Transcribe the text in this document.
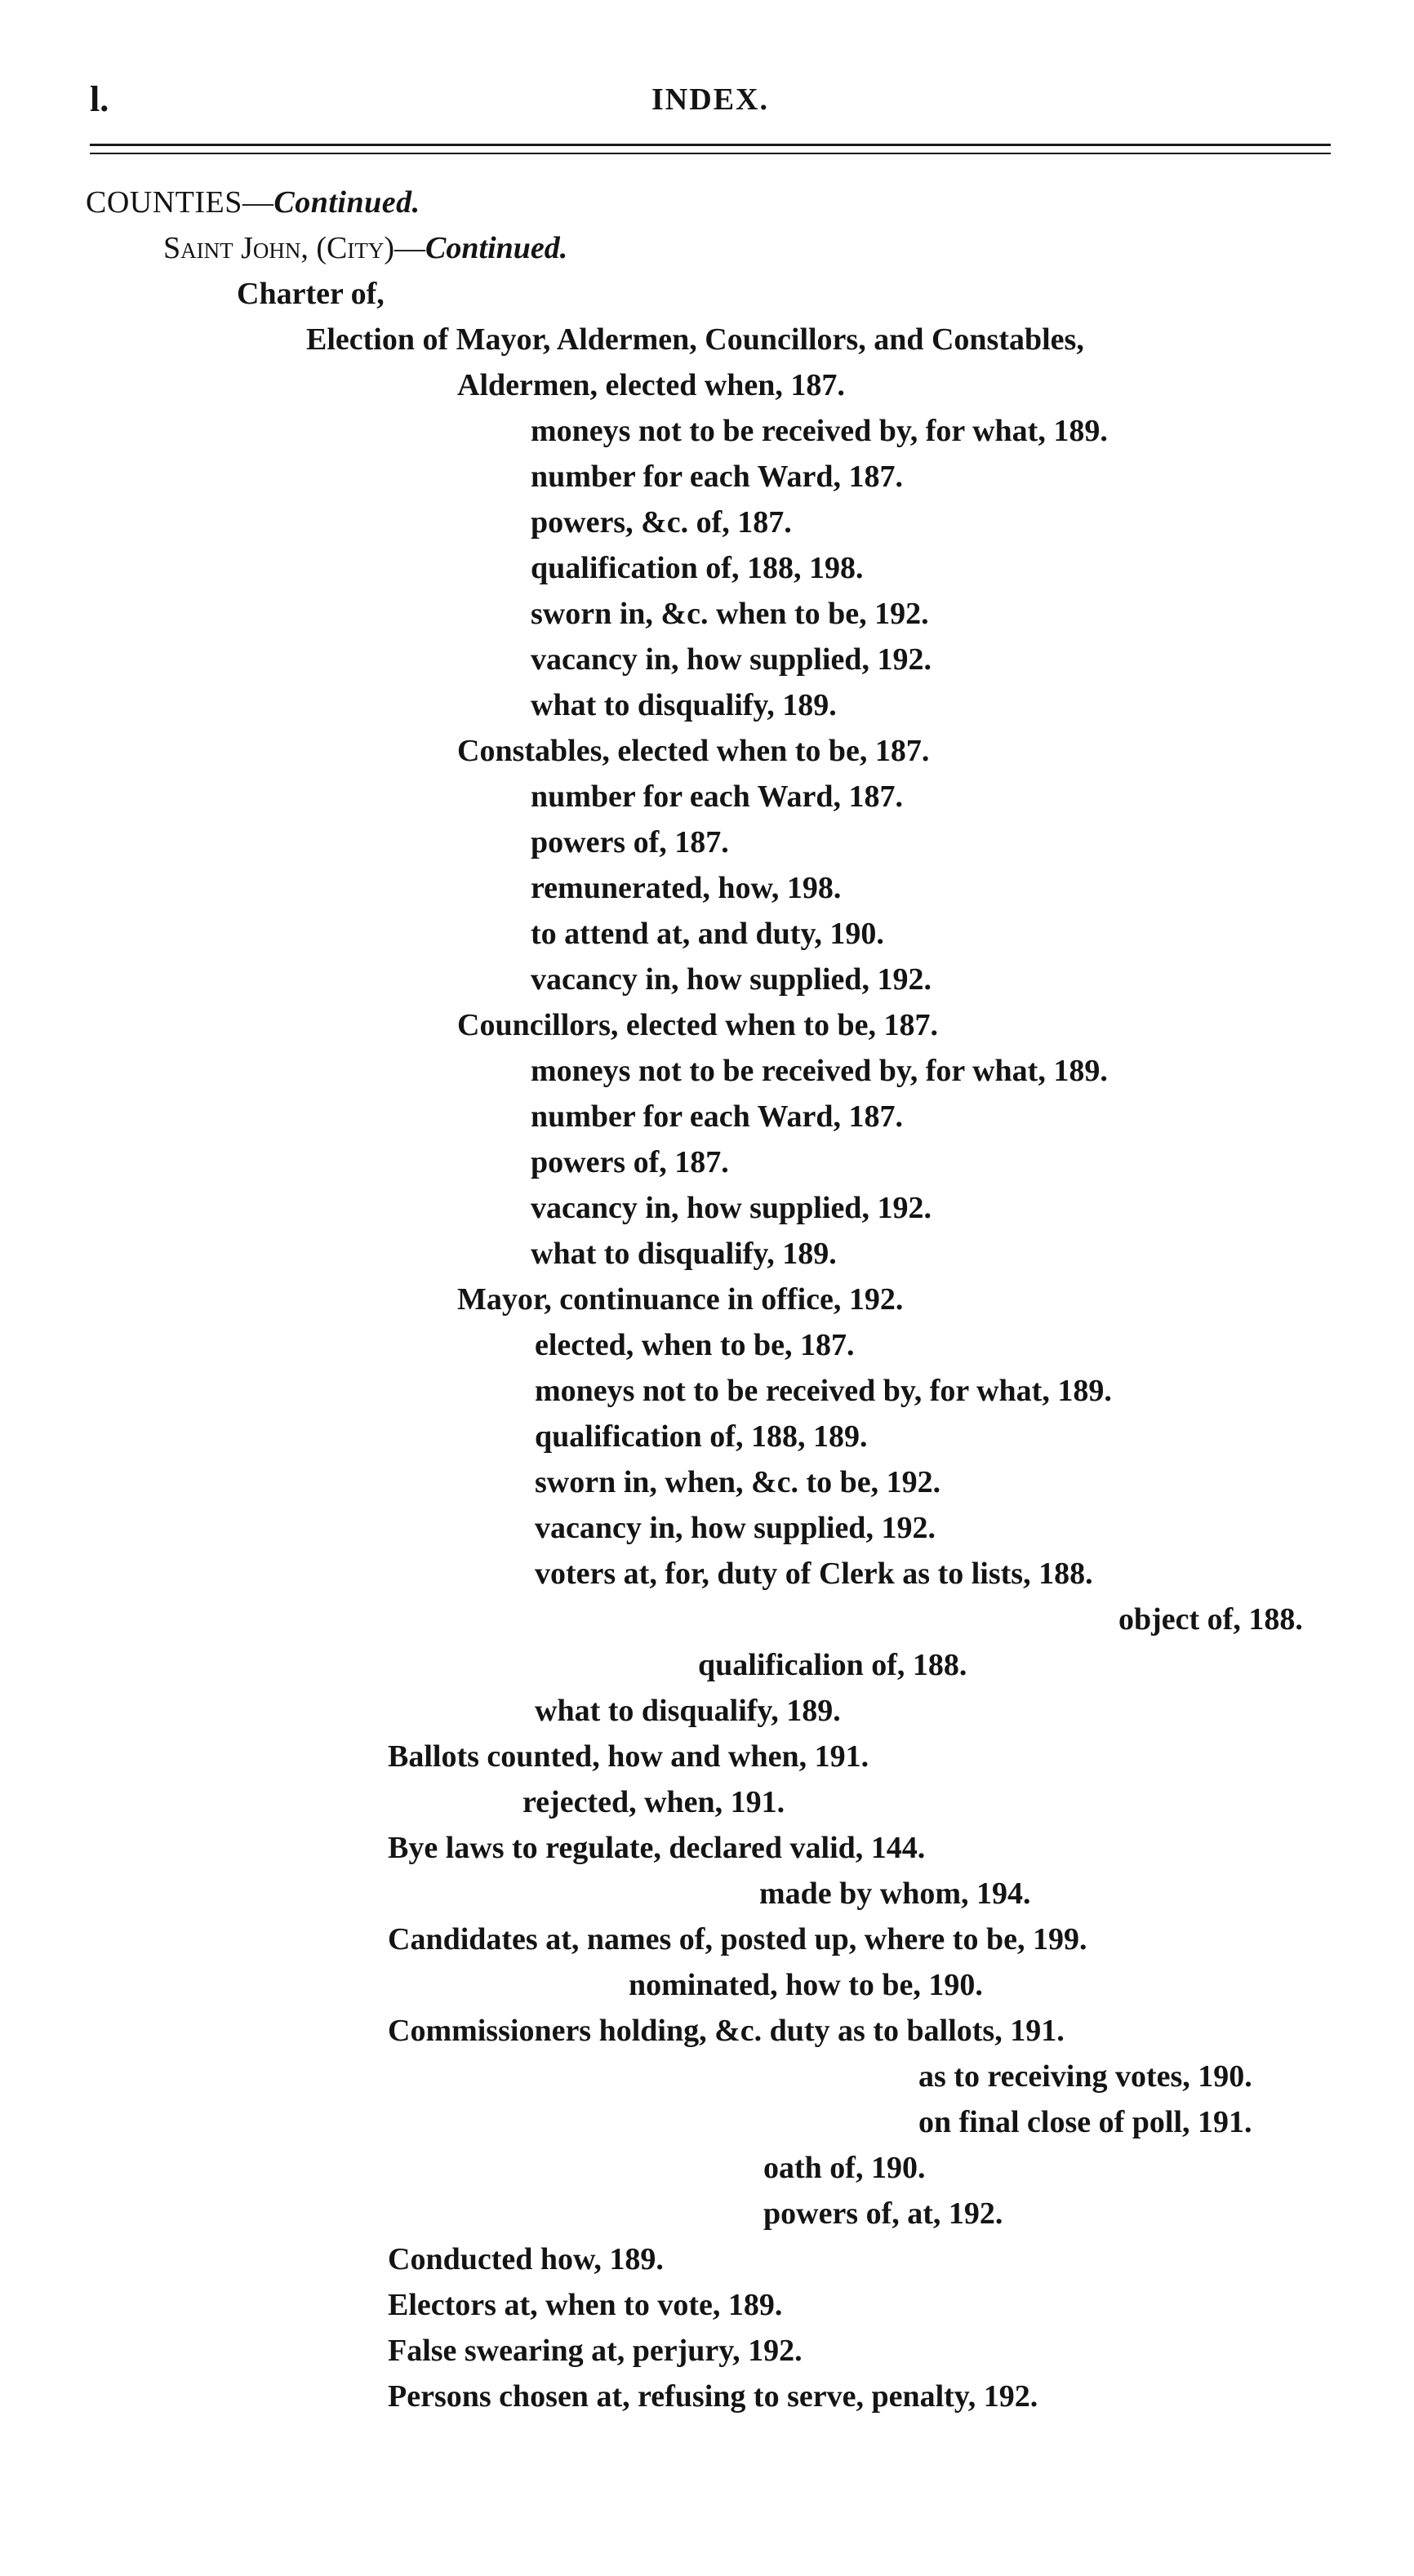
l.	INDEX.
COUNTIES—Continued.
Saint John, (City)—Continued.
Charter of,
Election of Mayor, Aldermen, Councillors, and Constables,
Aldermen, elected when, 187.
moneys not to be received by, for what, 189.
number for each Ward, 187.
powers, &c. of, 187.
qualification of, 188, 198.
sworn in, &c. when to be, 192.
vacancy in, how supplied, 192.
what to disqualify, 189.
Constables, elected when to be, 187.
number for each Ward, 187.
powers of, 187.
remunerated, how, 198.
to attend at, and duty, 190.
vacancy in, how supplied, 192.
Councillors, elected when to be, 187.
moneys not to be received by, for what, 189.
number for each Ward, 187.
powers of, 187.
vacancy in, how supplied, 192.
what to disqualify, 189.
Mayor, continuance in office, 192.
elected, when to be, 187.
moneys not to be received by, for what, 189.
qualification of, 188, 189.
sworn in, when, &c. to be, 192.
vacancy in, how supplied, 192.
voters at, for, duty of Clerk as to lists, 188.
object of, 188.
qualificalion of, 188.
what to disqualify, 189.
Ballots counted, how and when, 191.
rejected, when, 191.
Bye laws to regulate, declared valid, 144.
made by whom, 194.
Candidates at, names of, posted up, where to be, 199.
nominated, how to be, 190.
Commissioners holding, &c. duty as to ballots, 191.
as to receiving votes, 190.
on final close of poll, 191.
oath of, 190.
powers of, at, 192.
Conducted how, 189.
Electors at, when to vote, 189.
False swearing at, perjury, 192.
Persons chosen at, refusing to serve, penalty, 192.
